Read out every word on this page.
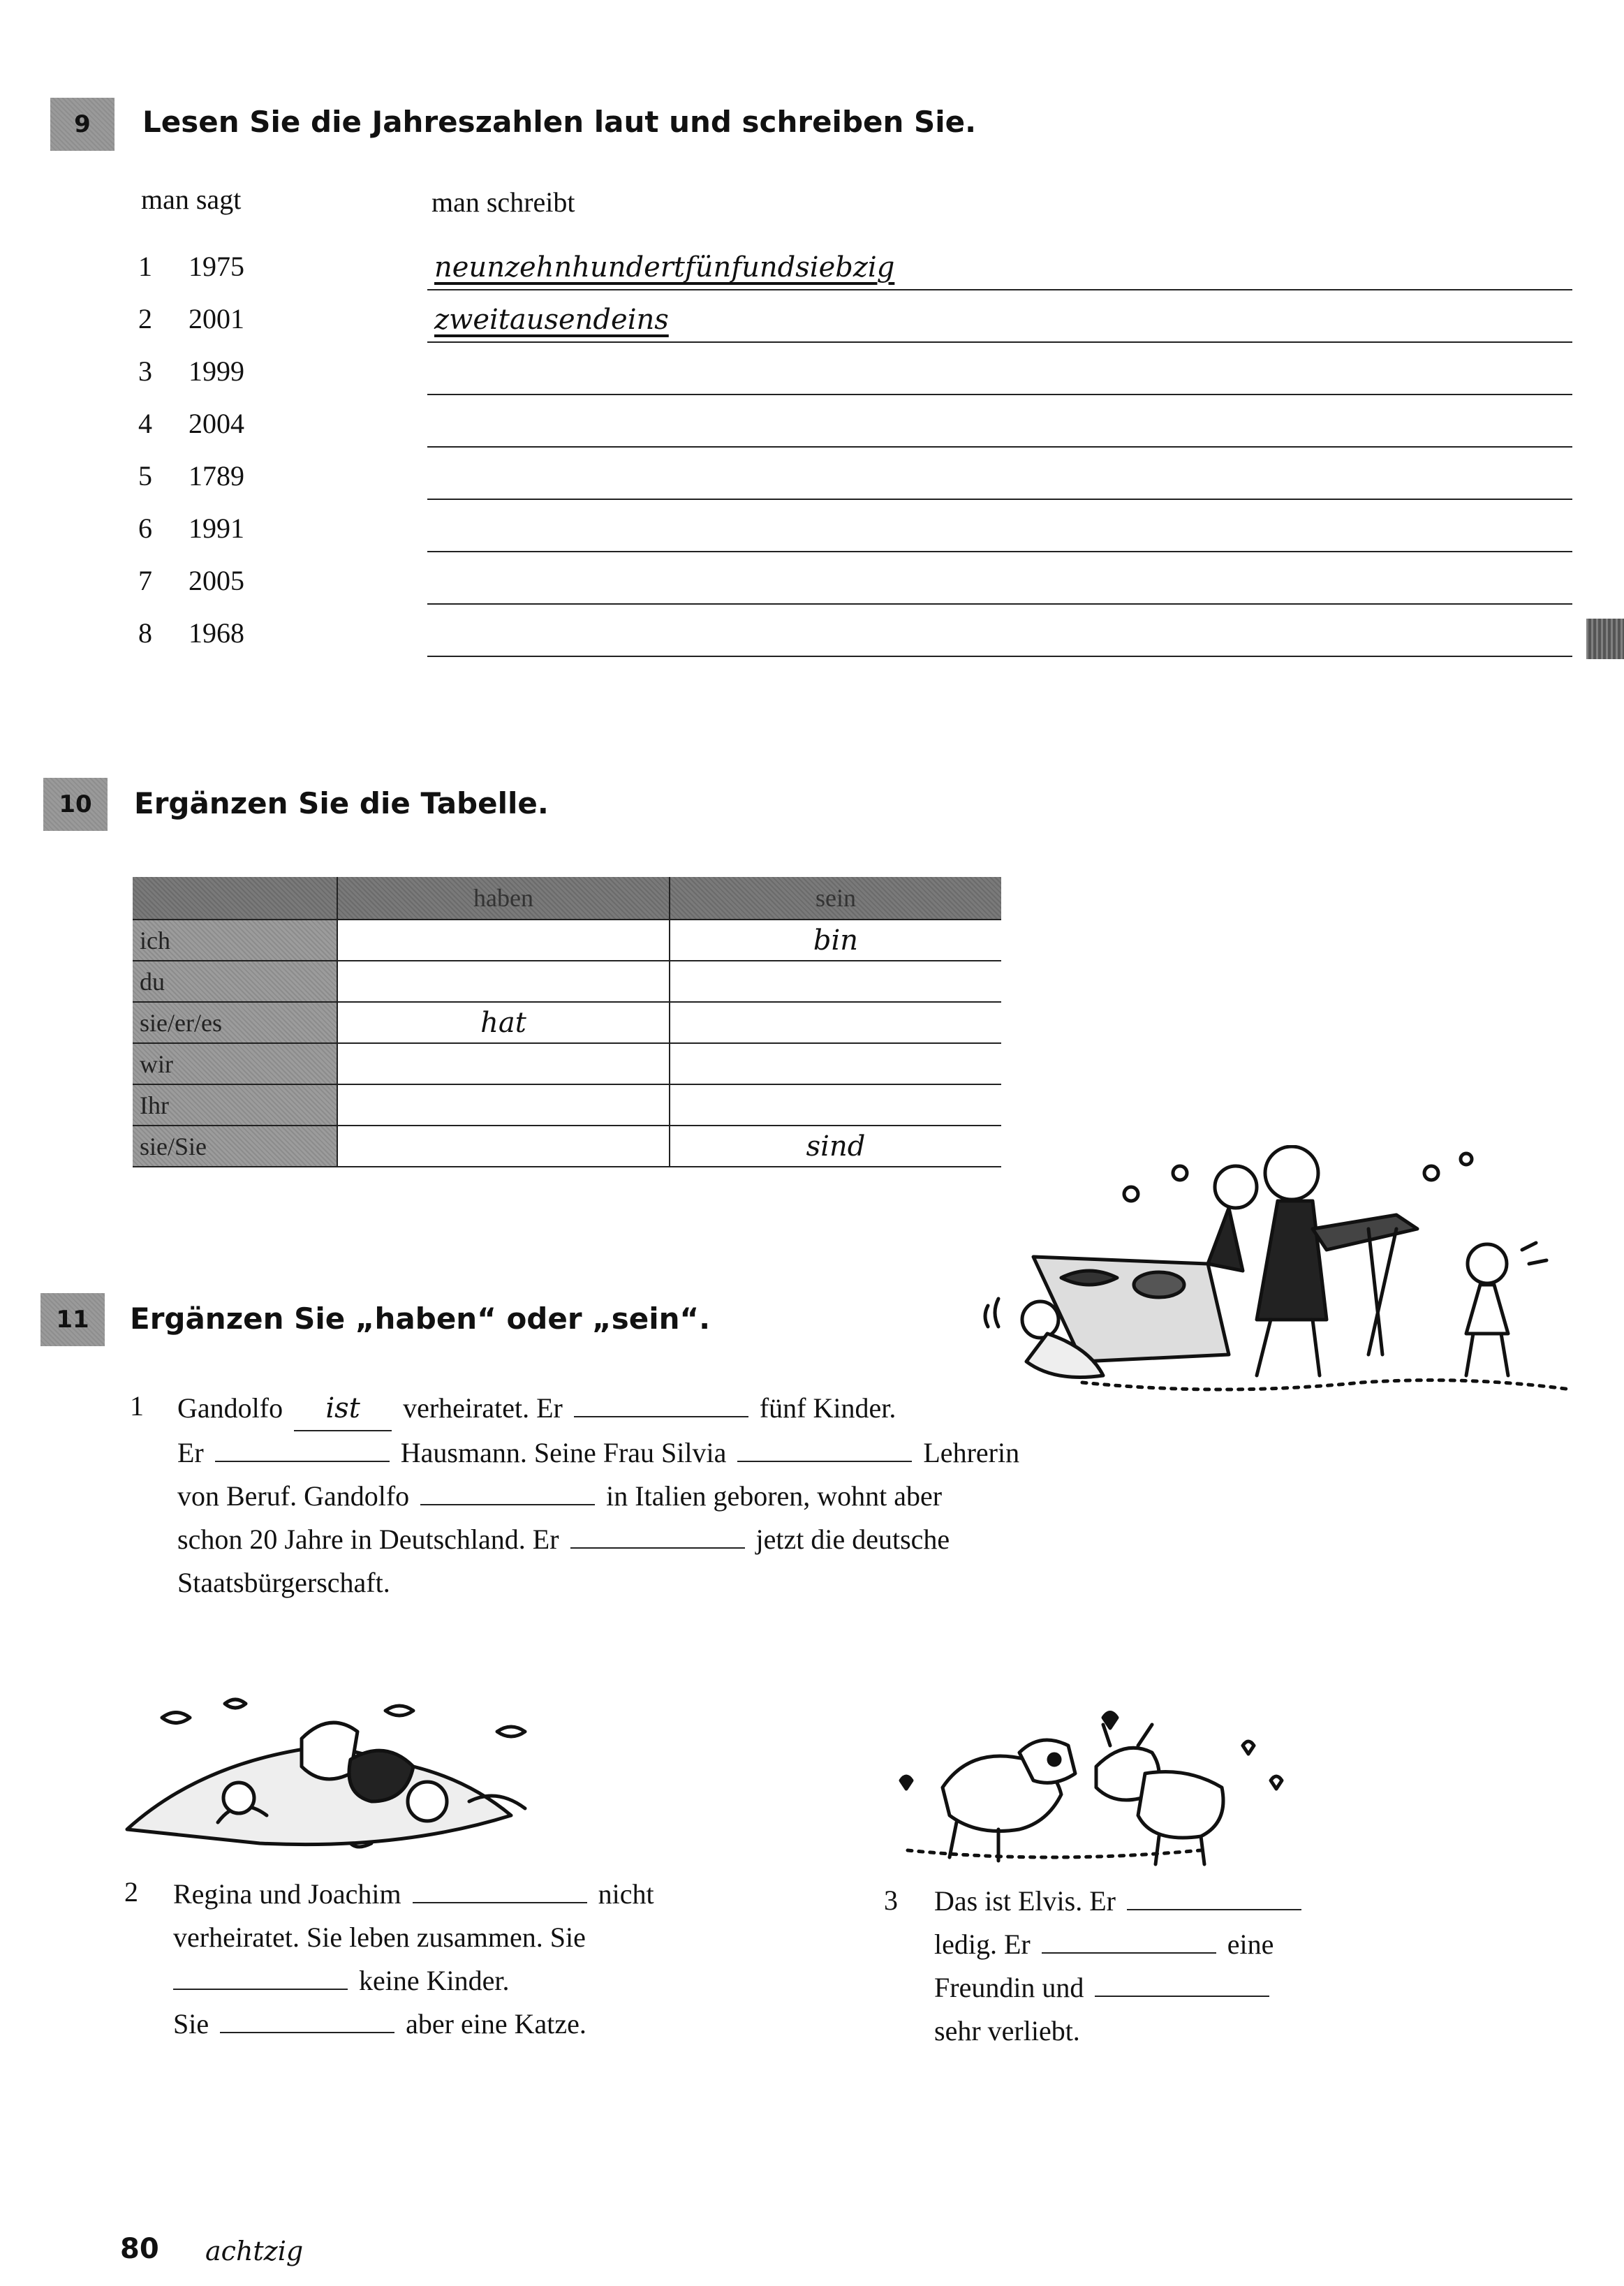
9	Lesen Sie die Jahreszahlen laut und schreiben Sie.
man sagt	man schreibt
1 1975	neunzehnhundertfünfundsiebzig
2 2001	zweitausendeins
3 1999
4 2004
5 1789
6 1991
7 2005
8 1968
10	Ergänzen Sie die Tabelle.
	haben	sein
ich		bin
du		
sie/er/es	hat	
wir		
Ihr		
sie/Sie		sind
11	Ergänzen Sie „haben“ oder „sein“.
1 Gandolfo ist verheiratet. Er	fünf Kinder.
Er	Hausmann. Seine Frau Silvia	Lehrerin
von Beruf. Gandolfo	in Italien geboren, wohnt aber
schon 20 Jahre in Deutschland. Er	jetzt die deutsche
Staatsbürgerschaft.
2 Regina und Joachim	nicht
verheiratet. Sie leben zusammen. Sie
keine Kinder.
Sie	aber eine Katze.
3 Das ist Elvis. Er
ledig. Er	eine
Freundin und
sehr verliebt.
80 achtzig
